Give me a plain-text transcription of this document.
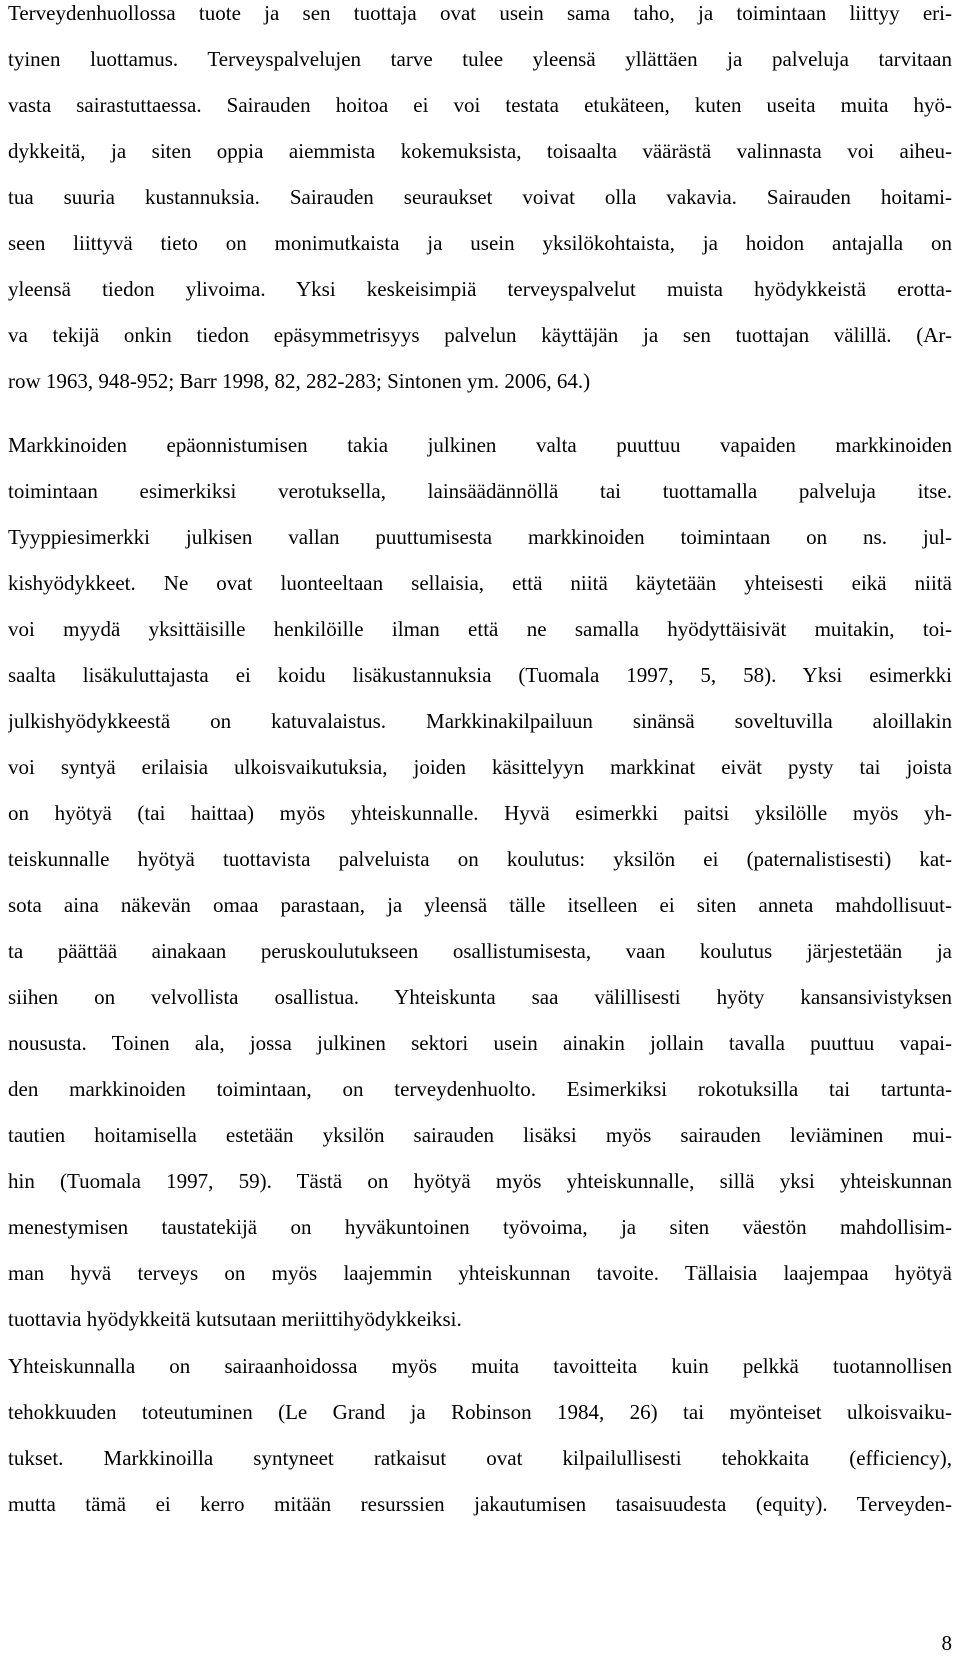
Terveydenhuollossa tuote ja sen tuottaja ovat usein sama taho, ja toimintaan liittyy eri-
tyinen luottamus. Terveyspalvelujen tarve tulee yleensä yllättäen ja palveluja tarvitaan
vasta sairastuttaessa. Sairauden hoitoa ei voi testata etukäteen, kuten useita muita hyö-
dykkeitä, ja siten oppia aiemmista kokemuksista, toisaalta väärästä valinnasta voi aiheu-
tua suuria kustannuksia. Sairauden seuraukset voivat olla vakavia. Sairauden hoitami-
seen liittyvä tieto on monimutkaista ja usein yksilökohtaista, ja hoidon antajalla on
yleensä tiedon ylivoima. Yksi keskeisimpiä terveyspalvelut muista hyödykkeistä erotta-
va tekijä onkin tiedon epäsymmetrisyys palvelun käyttäjän ja sen tuottajan välillä. (Ar-
row 1963, 948-952; Barr 1998, 82, 282-283; Sintonen ym. 2006, 64.)
Markkinoiden epäonnistumisen takia julkinen valta puuttuu vapaiden markkinoiden
toimintaan esimerkiksi verotuksella, lainsäädännöllä tai tuottamalla palveluja itse.
Tyyppiesimerkki julkisen vallan puuttumisesta markkinoiden toimintaan on ns. jul-
kishyödykkeet. Ne ovat luonteeltaan sellaisia, että niitä käytetään yhteisesti eikä niitä
voi myydä yksittäisille henkilöille ilman että ne samalla hyödyttäisivät muitakin, toi-
saalta lisäkuluttajasta ei koidu lisäkustannuksia (Tuomala 1997, 5, 58). Yksi esimerkki
julkishyödykkeestä on katuvalaistus. Markkinakilpailuun sinänsä soveltuvilla aloillakin
voi syntyä erilaisia ulkoisvaikutuksia, joiden käsittelyyn markkinat eivät pysty tai joista
on hyötyä (tai haittaa) myös yhteiskunnalle. Hyvä esimerkki paitsi yksilölle myös yh-
teiskunnalle hyötyä tuottavista palveluista on koulutus: yksilön ei (paternalistisesti) kat-
sota aina näkevän omaa parastaan, ja yleensä tälle itselleen ei siten anneta mahdollisuut-
ta päättää ainakaan peruskoulutukseen osallistumisesta, vaan koulutus järjestetään ja
siihen on velvollista osallistua. Yhteiskunta saa välillisesti hyöty kansansivistyksen
noususta. Toinen ala, jossa julkinen sektori usein ainakin jollain tavalla puuttuu vapai-
den markkinoiden toimintaan, on terveydenhuolto. Esimerkiksi rokotuksilla tai tartunta-
tautien hoitamisella estetään yksilön sairauden lisäksi myös sairauden leviäminen mui-
hin (Tuomala 1997, 59). Tästä on hyötyä myös yhteiskunnalle, sillä yksi yhteiskunnan
menestymisen taustatekijä on hyväkuntoinen työvoima, ja siten väestön mahdollisim-
man hyvä terveys on myös laajemmin yhteiskunnan tavoite. Tällaisia laajempaa hyötyä
tuottavia hyödykkeitä kutsutaan meriittihyödykkeiksi.
Yhteiskunnalla on sairaanhoidossa myös muita tavoitteita kuin pelkkä tuotannollisen
tehokkuuden toteutuminen (Le Grand ja Robinson 1984, 26) tai myönteiset ulkoisvaiku-
tukset. Markkinoilla syntyneet ratkaisut ovat kilpailullisesti tehokkaita (efficiency),
mutta tämä ei kerro mitään resurssien jakautumisen tasaisuudesta (equity). Terveyden-
8
